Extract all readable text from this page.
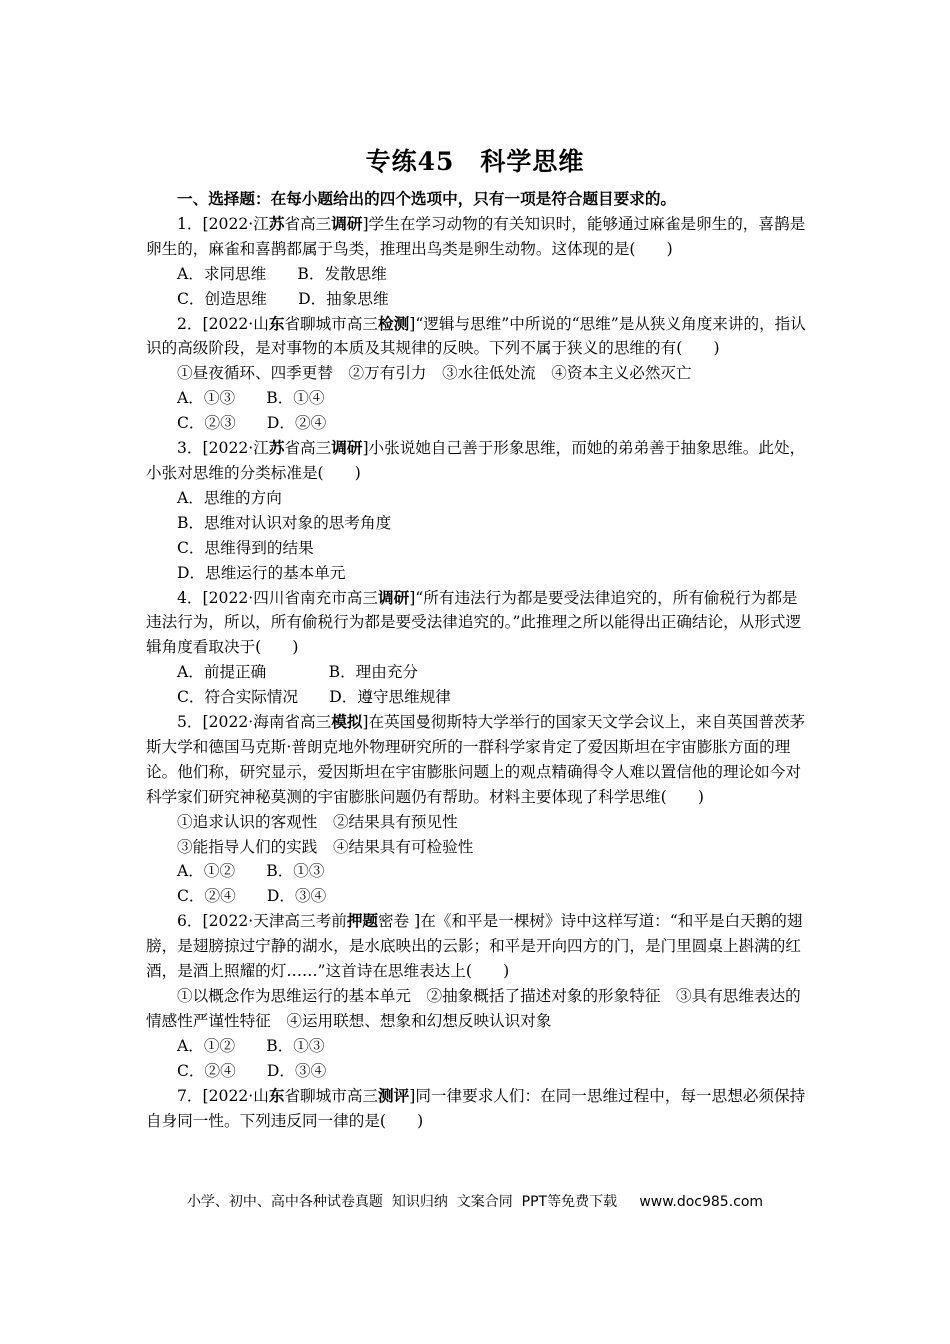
专练45　科学思维

一、选择题：在每小题给出的四个选项中，只有一项是符合题目要求的。

1．[2022·江苏省高三调研]学生在学习动物的有关知识时，能够通过麻雀是卵生的，喜鹊是卵生的，麻雀和喜鹊都属于鸟类，推理出鸟类是卵生动物。这体现的是(　　)

A．求同思维　　B．发散思维

C．创造思维　　D．抽象思维

2．[2022·山东省聊城市高三检测]“逻辑与思维”中所说的“思维”是从狭义角度来讲的，指认识的高级阶段，是对事物的本质及其规律的反映。下列不属于狭义的思维的有(　　)

①昼夜循环、四季更替　②万有引力　③水往低处流　④资本主义必然灭亡

A．①③　　B．①④

C．②③　　D．②④

3．[2022·江苏省高三调研]小张说她自己善于形象思维，而她的弟弟善于抽象思维。此处，小张对思维的分类标准是(　　)

A．思维的方向

B．思维对认识对象的思考角度

C．思维得到的结果

D．思维运行的基本单元

4．[2022·四川省南充市高三调研]“所有违法行为都是要受法律追究的，所有偷税行为都是违法行为，所以，所有偷税行为都是要受法律追究的。”此推理之所以能得出正确结论，从形式逻辑角度看取决于(　　)

A．前提正确　　　　B．理由充分

C．符合实际情况　　D．遵守思维规律

5．[2022·海南省高三模拟]在英国曼彻斯特大学举行的国家天文学会议上，来自英国普茨茅斯大学和德国马克斯·普朗克地外物理研究所的一群科学家肯定了爱因斯坦在宇宙膨胀方面的理论。他们称，研究显示，爱因斯坦在宇宙膨胀问题上的观点精确得令人难以置信他的理论如今对科学家们研究神秘莫测的宇宙膨胀问题仍有帮助。材料主要体现了科学思维(　　)

①追求认识的客观性　②结果具有预见性

③能指导人们的实践　④结果具有可检验性

A．①②　　B．①③

C．②④　　D．③④

6．[2022·天津高三考前押题密卷 ]在《和平是一棵树》诗中这样写道：“和平是白天鹅的翅膀，是翅膀掠过宁静的湖水，是水底映出的云影；和平是开向四方的门，是门里圆桌上斟满的红酒，是酒上照耀的灯……”这首诗在思维表达上(　　)

①以概念作为思维运行的基本单元　②抽象概括了描述对象的形象特征　③具有思维表达的情感性严谨性特征　④运用联想、想象和幻想反映认识对象

A．①②　　B．①③

C．②④　　D．③④

7．[2022·山东省聊城市高三测评]同一律要求人们：在同一思维过程中，每一思想必须保持自身同一性。下列违反同一律的是(　　)

小学、初中、高中各种试卷真题  知识归纳  文案合同  PPT等免费下载     www.doc985.com
